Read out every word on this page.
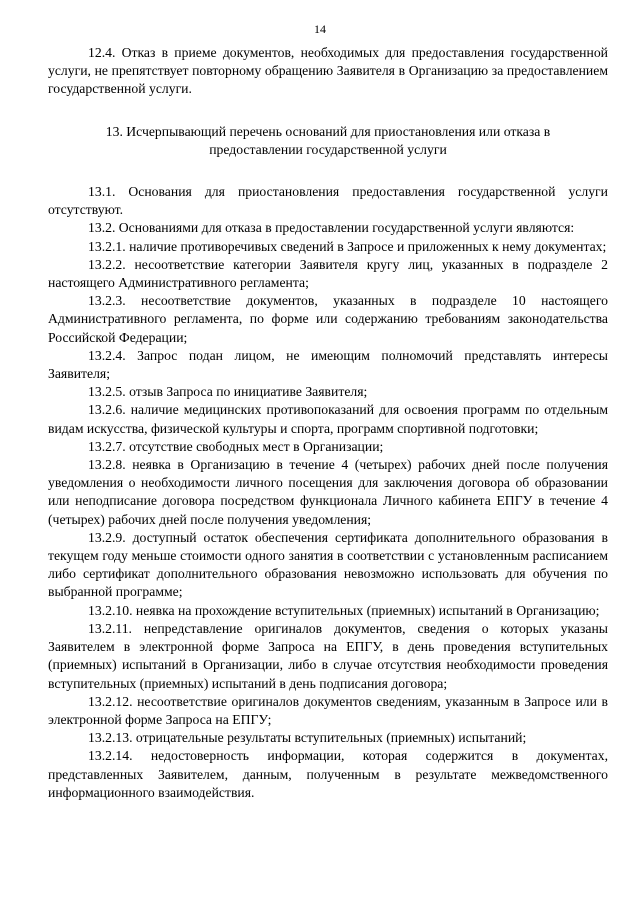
14

12.4. Отказ в приеме документов, необходимых для предоставления государственной услуги, не препятствует повторному обращению Заявителя в Организацию за предоставлением государственной услуги.

13. Исчерпывающий перечень оснований для приостановления или отказа в
предоставлении государственной услуги

13.1. Основания для приостановления предоставления государственной услуги отсутствуют.

13.2. Основаниями для отказа в предоставлении государственной услуги являются:

13.2.1. наличие противоречивых сведений в Запросе и приложенных к нему документах;

13.2.2. несоответствие категории Заявителя кругу лиц, указанных в подразделе 2 настоящего Административного регламента;

13.2.3. несоответствие документов, указанных в подразделе 10 настоящего Административного регламента, по форме или содержанию требованиям законодательства Российской Федерации;

13.2.4. Запрос подан лицом, не имеющим полномочий представлять интересы Заявителя;

13.2.5. отзыв Запроса по инициативе Заявителя;

13.2.6. наличие медицинских противопоказаний для освоения программ по отдельным видам искусства, физической культуры и спорта, программ спортивной подготовки;

13.2.7. отсутствие свободных мест в Организации;

13.2.8. неявка в Организацию в течение 4 (четырех) рабочих дней после получения уведомления о необходимости личного посещения для заключения договора об образовании или неподписание договора посредством функционала Личного кабинета ЕПГУ в течение 4 (четырех) рабочих дней после получения уведомления;

13.2.9. доступный остаток обеспечения сертификата дополнительного образования в текущем году меньше стоимости одного занятия в соответствии с установленным расписанием либо сертификат дополнительного образования невозможно использовать для обучения по выбранной программе;

13.2.10. неявка на прохождение вступительных (приемных) испытаний в Организацию;

13.2.11. непредставление оригиналов документов, сведения о которых указаны Заявителем в электронной форме Запроса на ЕПГУ, в день проведения вступительных (приемных) испытаний в Организации, либо в случае отсутствия необходимости проведения вступительных (приемных) испытаний в день подписания договора;

13.2.12. несоответствие оригиналов документов сведениям, указанным в Запросе или в электронной форме Запроса на ЕПГУ;

13.2.13. отрицательные результаты вступительных (приемных) испытаний;

13.2.14. недостоверность информации, которая содержится в документах, представленных Заявителем, данным, полученным в результате межведомственного информационного взаимодействия.
